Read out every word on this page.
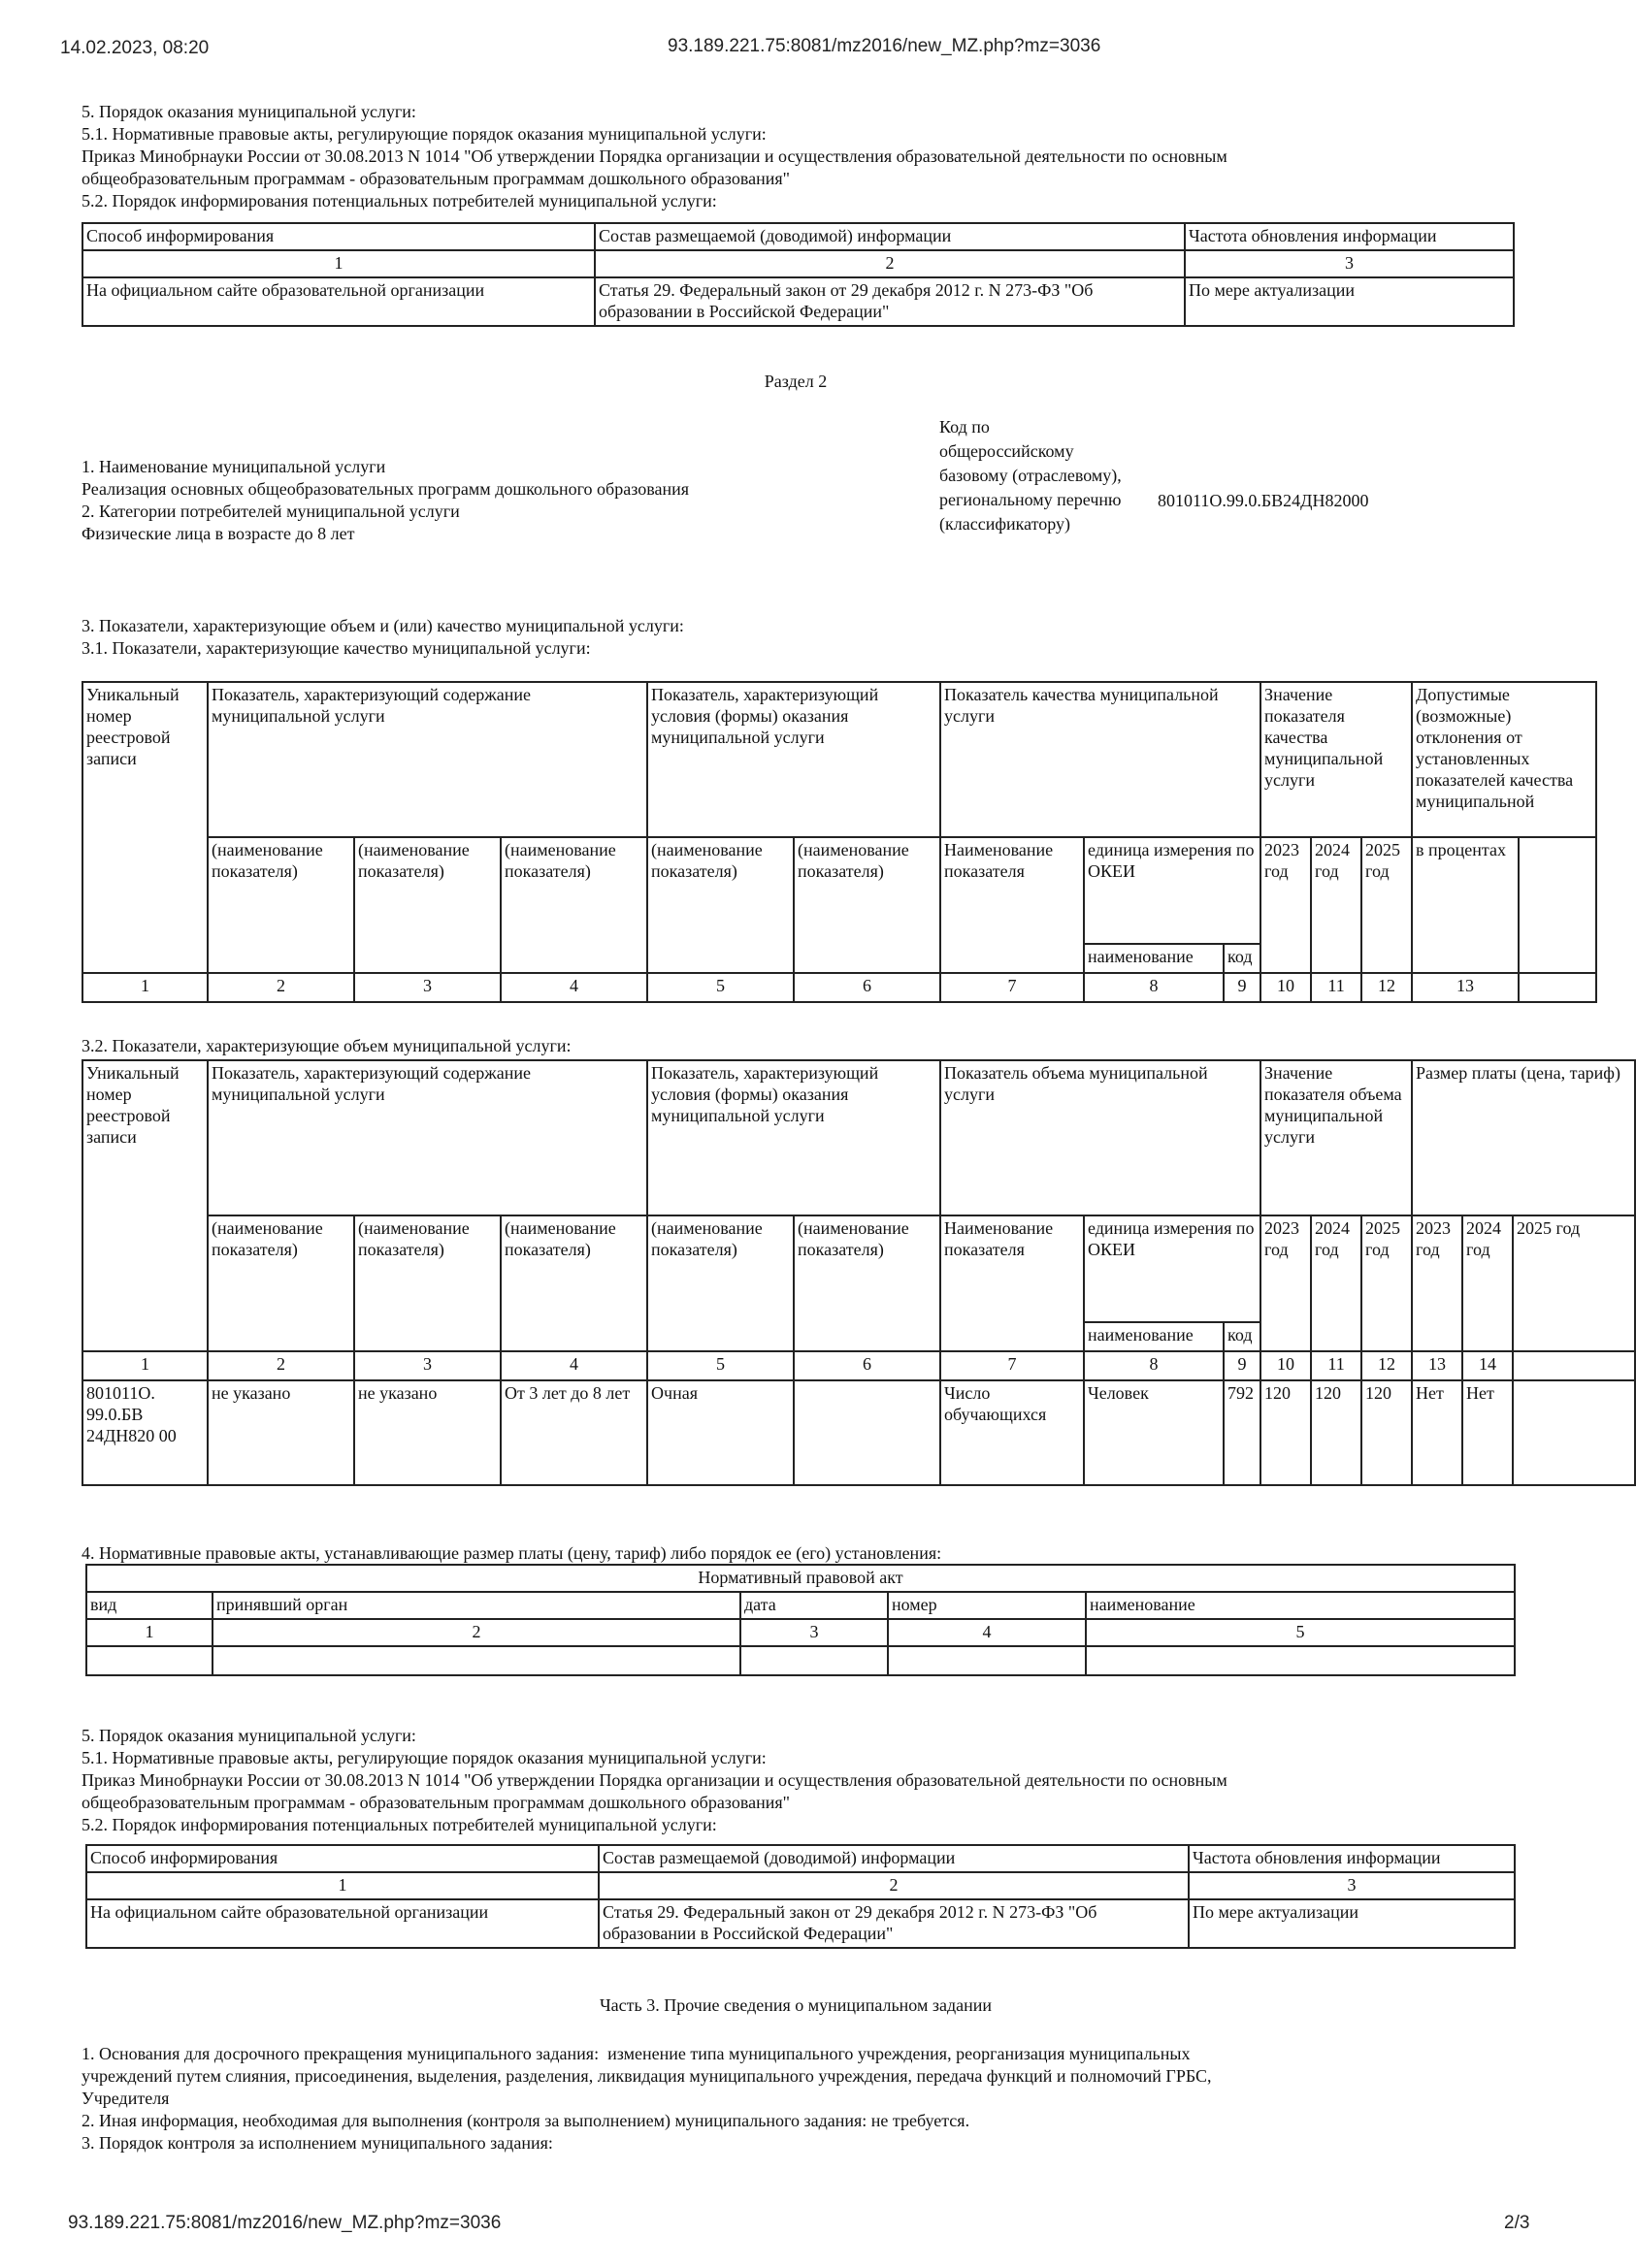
14.02.2023, 08:20	93.189.221.75:8081/mz2016/new_MZ.php?mz=3036
5. Порядок оказания муниципальной услуги:
5.1. Нормативные правовые акты, регулирующие порядок оказания муниципальной услуги:
Приказ Минобрнауки России от 30.08.2013 N 1014 "Об утверждении Порядка организации и осуществления образовательной деятельности по основным
общеобразовательным программам - образовательным программам дошкольного образования"
5.2. Порядок информирования потенциальных потребителей муниципальной услуги:
Способ информирования	Состав размещаемой (доводимой) информации	Частота обновления информации
1	2	3
На официальном сайте образовательной организации	Статья 29. Федеральный закон от 29 декабря 2012 г. N 273-ФЗ "Об образовании в Российской Федерации"	По мере актуализации
Раздел 2
1. Наименование муниципальной услуги
Реализация основных общеобразовательных программ дошкольного образования
2. Категории потребителей муниципальной услуги
Физические лица в возрасте до 8 лет
Код по общероссийскому базовому (отраслевому), региональному перечню (классификатору)
801011О.99.0.БВ24ДН82000
3. Показатели, характеризующие объем и (или) качество муниципальной услуги:
3.1. Показатели, характеризующие качество муниципальной услуги:
Уникальный номер реестровой записи	Показатель, характеризующий содержание муниципальной услуги			Показатель, характеризующий условия (формы) оказания муниципальной услуги		Показатель качества муниципальной услуги			Значение показателя качества муниципальной услуги			Допустимые (возможные) отклонения от установленных показателей качества муниципальной	
	(наименование показателя)	(наименование показателя)	(наименование показателя)	(наименование показателя)	(наименование показателя)	Наименование показателя	единица измерения по ОКЕИ		2023 год	2024 год	2025 год	в процентах	
							наименование	код					
1	2	3	4	5	6	7	8	9	10	11	12	13	
3.2. Показатели, характеризующие объем муниципальной услуги:
Уникальный номер реестровой записи	Показатель, характеризующий содержание муниципальной услуги			Показатель, характеризующий условия (формы) оказания муниципальной услуги		Показатель объема муниципальной услуги			Значение показателя объема муниципальной услуги			Размер платы (цена, тариф)		
	(наименование показателя)	(наименование показателя)	(наименование показателя)	(наименование показателя)	(наименование показателя)	Наименование показателя	единица измерения по ОКЕИ		2023 год	2024 год	2025 год	2023 год	2024 год	2025 год
							наименование	код						
1	2	3	4	5	6	7	8	9	10	11	12	13	14	
801011О. 99.0.БВ 24ДН820 00	не указано	не указано	От 3 лет до 8 лет	Очная		Число обучающихся	Человек	792	120	120	120	Нет	Нет	
4. Нормативные правовые акты, устанавливающие размер платы (цену, тариф) либо порядок ее (его) установления:
Нормативный правовой акт				
вид	принявший орган	дата	номер	наименование
1	2	3	4	5

5. Порядок оказания муниципальной услуги:
5.1. Нормативные правовые акты, регулирующие порядок оказания муниципальной услуги:
Приказ Минобрнауки России от 30.08.2013 N 1014 "Об утверждении Порядка организации и осуществления образовательной деятельности по основным
общеобразовательным программам - образовательным программам дошкольного образования"
5.2. Порядок информирования потенциальных потребителей муниципальной услуги:
Способ информирования	Состав размещаемой (доводимой) информации	Частота обновления информации
1	2	3
На официальном сайте образовательной организации	Статья 29. Федеральный закон от 29 декабря 2012 г. N 273-ФЗ "Об образовании в Российской Федерации"	По мере актуализации
Часть 3. Прочие сведения о муниципальном задании
1. Основания для досрочного прекращения муниципального задания:  изменение типа муниципального учреждения, реорганизация муниципальных
учреждений путем слияния, присоединения, выделения, разделения, ликвидация муниципального учреждения, передача функций и полномочий ГРБС,
Учредителя
2. Иная информация, необходимая для выполнения (контроля за выполнением) муниципального задания: не требуется.
3. Порядок контроля за исполнением муниципального задания:
93.189.221.75:8081/mz2016/new_MZ.php?mz=3036	2/3
